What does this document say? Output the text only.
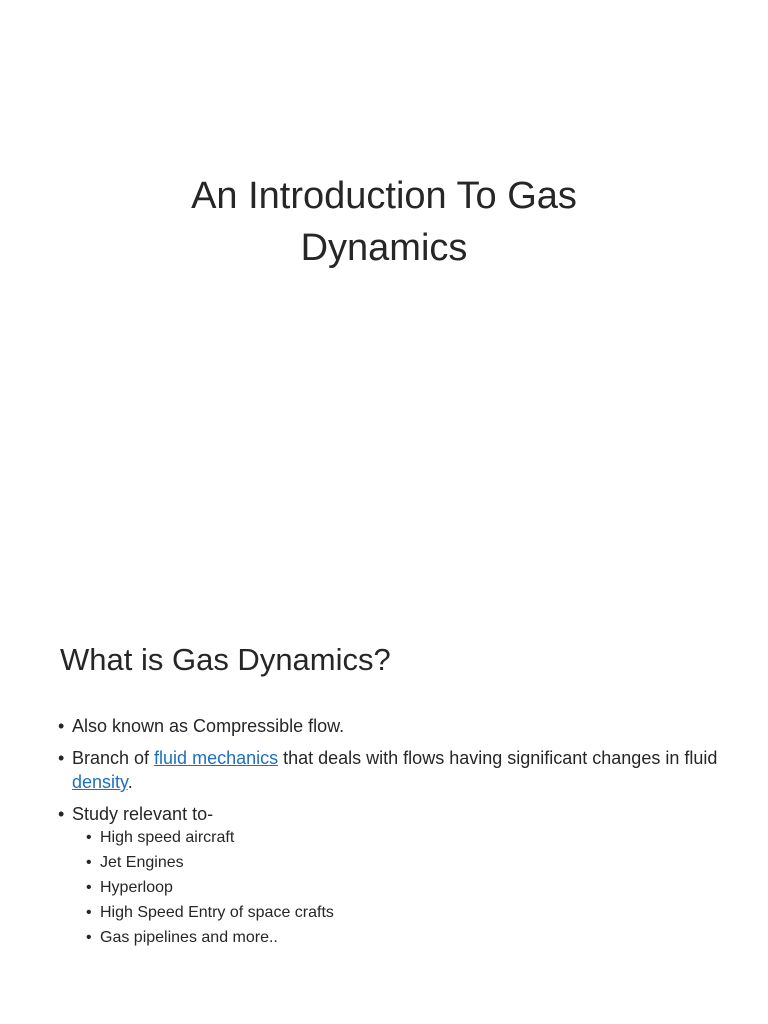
An Introduction To Gas
Dynamics
What is Gas Dynamics?
• Also known as Compressible flow.
• Branch of fluid mechanics that deals with flows having significant changes in fluid density.
• Study relevant to-
• High speed aircraft
• Jet Engines
• Hyperloop
• High Speed Entry of space crafts
• Gas pipelines and more..
